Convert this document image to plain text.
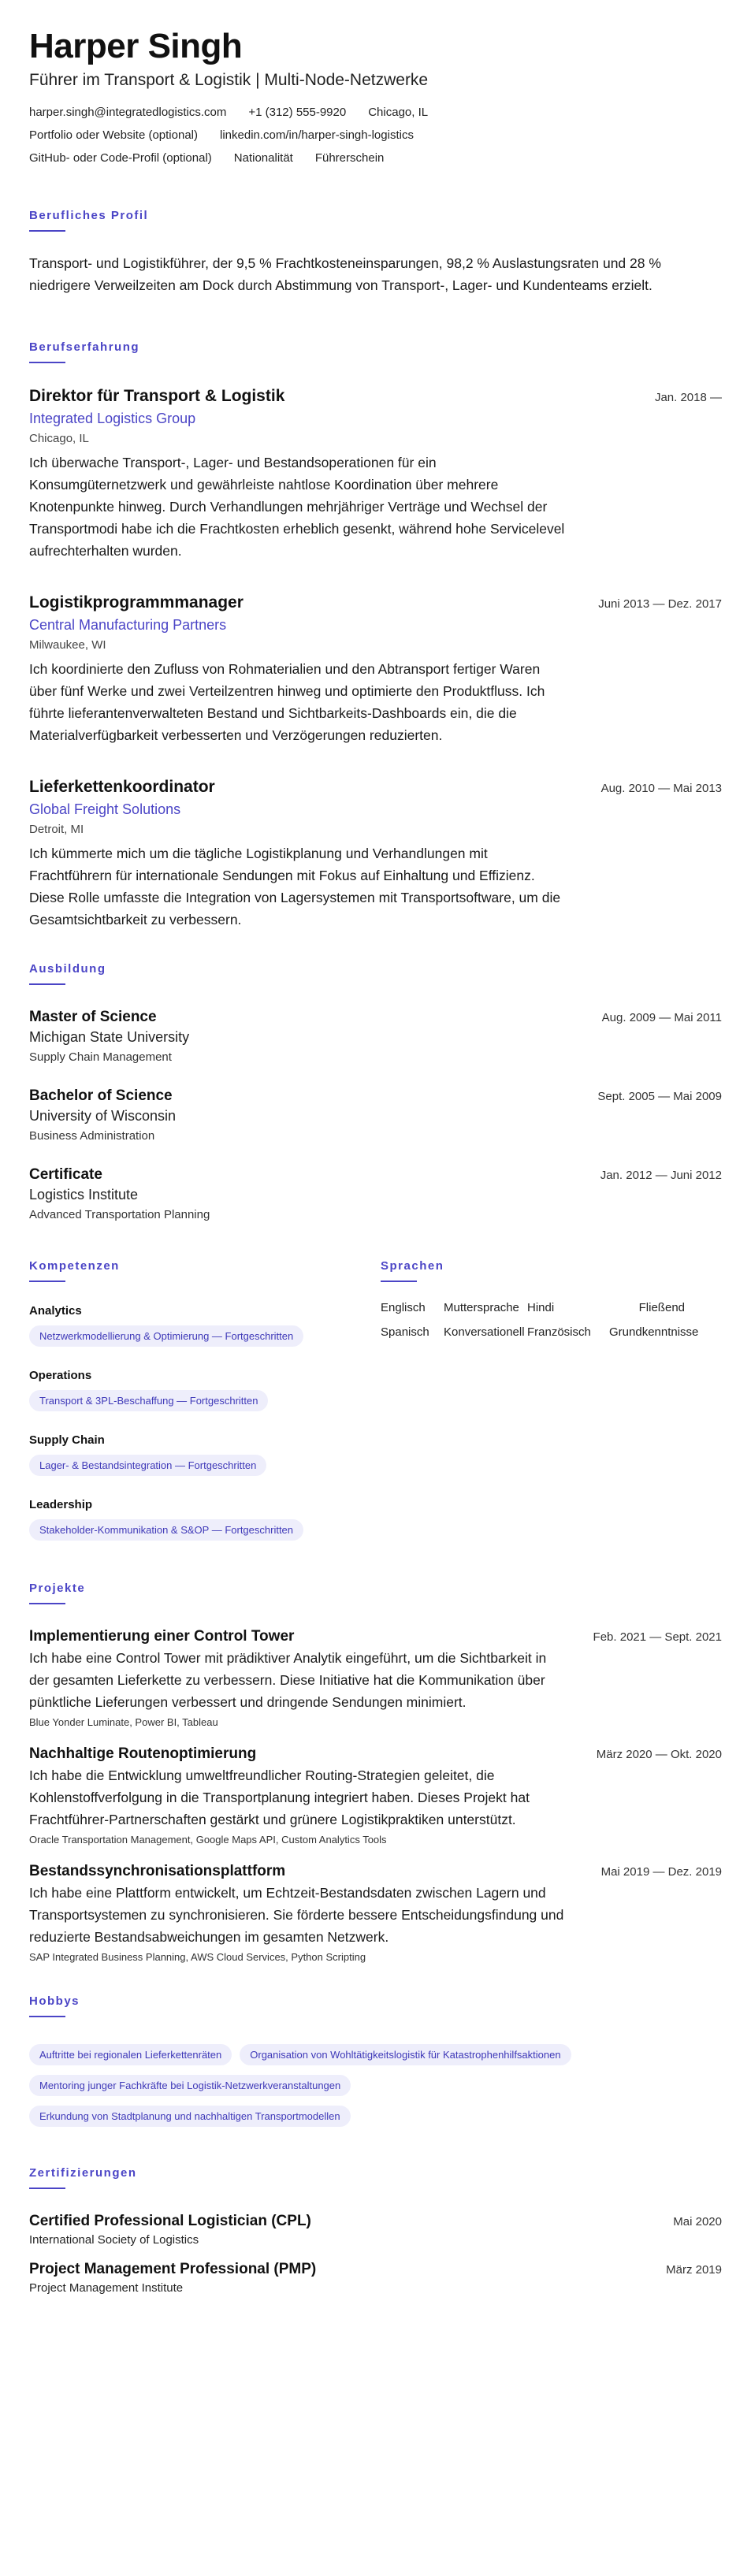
Harper Singh
Führer im Transport & Logistik | Multi-Node-Netzwerke
harper.singh@integratedlogistics.com +1 (312) 555-9920 Chicago, IL
Portfolio oder Website (optional) linkedin.com/in/harper-singh-logistics
GitHub- oder Code-Profil (optional) Nationalität Führerschein
Berufliches Profil

Transport- und Logistikführer, der 9,5 % Frachtkosteneinsparungen, 98,2 % Auslastungsraten und 28 % niedrigere Verweilzeiten am Dock durch Abstimmung von Transport-, Lager- und Kundenteams erzielt.

Berufserfahrung
Direktor für Transport & Logistik	Jan. 2018 —
Integrated Logistics Group
Chicago, IL

Ich überwache Transport-, Lager- und Bestandsoperationen für ein Konsumgüternetzwerk und gewährleiste nahtlose Koordination über mehrere Knotenpunkte hinweg. Durch Verhandlungen mehrjähriger Verträge und Wechsel der Transportmodi habe ich die Frachtkosten erheblich gesenkt, während hohe Servicelevel aufrechterhalten wurden.

Logistikprogrammmanager	Juni 2013 — Dez. 2017
Central Manufacturing Partners
Milwaukee, WI

Ich koordinierte den Zufluss von Rohmaterialien und den Abtransport fertiger Waren über fünf Werke und zwei Verteilzentren hinweg und optimierte den Produktfluss. Ich führte lieferantenverwalteten Bestand und Sichtbarkeits-Dashboards ein, die die Materialverfügbarkeit verbesserten und Verzögerungen reduzierten.

Lieferkettenkoordinator	Aug. 2010 — Mai 2013
Global Freight Solutions
Detroit, MI

Ich kümmerte mich um die tägliche Logistikplanung und Verhandlungen mit Frachtführern für internationale Sendungen mit Fokus auf Einhaltung und Effizienz. Diese Rolle umfasste die Integration von Lagersystemen mit Transportsoftware, um die Gesamtsichtbarkeit zu verbessern.

Ausbildung
Master of Science	Aug. 2009 — Mai 2011
Michigan State University
Supply Chain Management
Bachelor of Science	Sept. 2005 — Mai 2009
University of Wisconsin
Business Administration
Certificate	Jan. 2012 — Juni 2012
Logistics Institute
Advanced Transportation Planning
Kompetenzen
Analytics
Netzwerkmodellierung & Optimierung — Fortgeschritten
Operations
Transport & 3PL-Beschaffung — Fortgeschritten
Supply Chain
Lager- & Bestandsintegration — Fortgeschritten
Leadership
Stakeholder-Kommunikation & S&OP — Fortgeschritten
Sprachen
Englisch	Muttersprache Hindi	Fließend
Spanisch	Konversationell Französisch	Grundkenntnisse
Projekte
Implementierung einer Control Tower	Feb. 2021 — Sept. 2021

Ich habe eine Control Tower mit prädiktiver Analytik eingeführt, um die Sichtbarkeit in der gesamten Lieferkette zu verbessern. Diese Initiative hat die Kommunikation über pünktliche Lieferungen verbessert und dringende Sendungen minimiert.

Blue Yonder Luminate, Power BI, Tableau
Nachhaltige Routenoptimierung	März 2020 — Okt. 2020

Ich habe die Entwicklung umweltfreundlicher Routing-Strategien geleitet, die Kohlenstoffverfolgung in die Transportplanung integriert haben. Dieses Projekt hat Frachtführer-Partnerschaften gestärkt und grünere Logistikpraktiken unterstützt.

Oracle Transportation Management, Google Maps API, Custom Analytics Tools
Bestandssynchronisationsplattform	Mai 2019 — Dez. 2019

Ich habe eine Plattform entwickelt, um Echtzeit-Bestandsdaten zwischen Lagern und Transportsystemen zu synchronisieren. Sie förderte bessere Entscheidungsfindung und reduzierte Bestandsabweichungen im gesamten Netzwerk.

SAP Integrated Business Planning, AWS Cloud Services, Python Scripting
Hobbys
Auftritte bei regionalen Lieferkettenräten	Organisation von Wohltätigkeitslogistik für Katastrophenhilfsaktionen
Mentoring junger Fachkräfte bei Logistik-Netzwerkveranstaltungen
Erkundung von Stadtplanung und nachhaltigen Transportmodellen
Zertifizierungen
Certified Professional Logistician (CPL)	Mai 2020
International Society of Logistics
Project Management Professional (PMP)	März 2019
Project Management Institute
